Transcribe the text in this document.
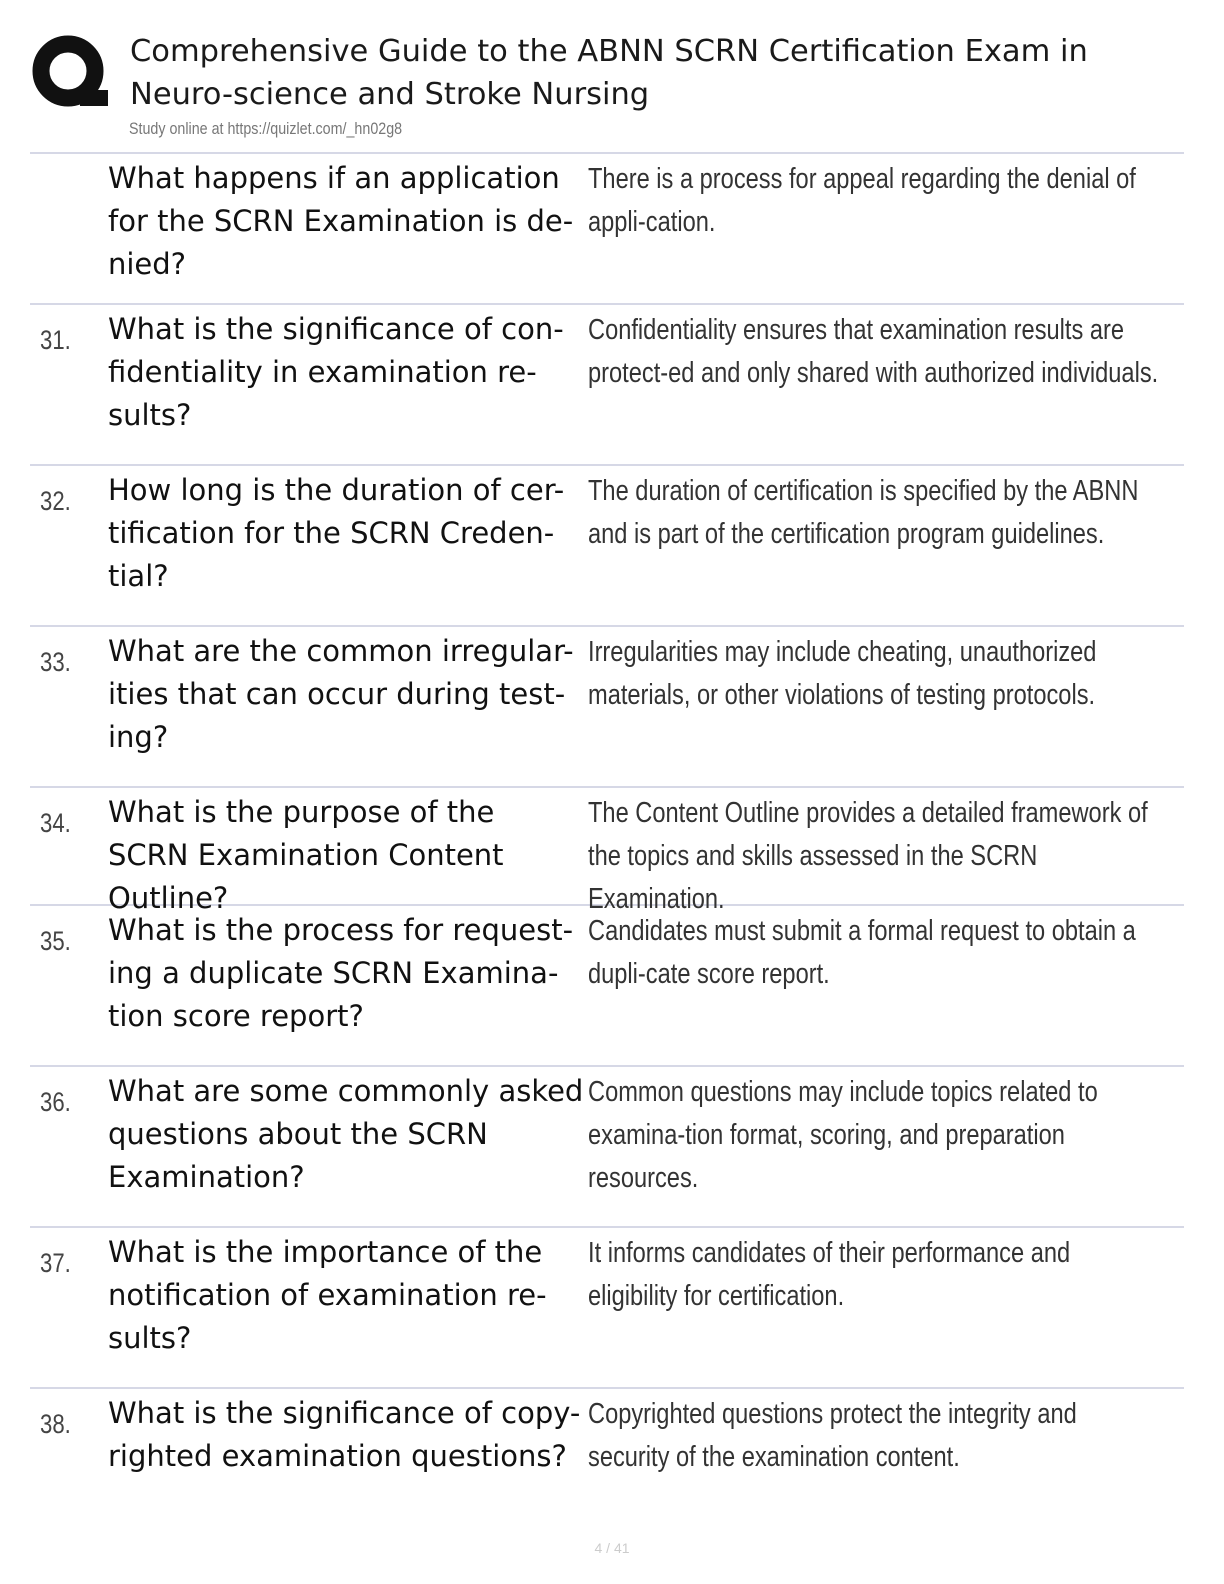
Comprehensive Guide to the ABNN SCRN Certification Exam in Neuro-science and Stroke Nursing
Study online at https://quizlet.com/_hn02g8
What happens if an application for the SCRN Examination is de-nied?
There is a process for appeal regarding the denial of appli-cation.
31. What is the significance of con-fidentiality in examination re-sults?
Confidentiality ensures that examination results are protect-ed and only shared with authorized individuals.
32. How long is the duration of cer-tification for the SCRN Creden-tial?
The duration of certification is specified by the ABNN and is part of the certification program guidelines.
33. What are the common irregular-ities that can occur during test-ing?
Irregularities may include cheating, unauthorized materials, or other violations of testing protocols.
34. What is the purpose of the SCRN Examination Content Outline?
The Content Outline provides a detailed framework of the topics and skills assessed in the SCRN Examination.
35. What is the process for request-ing a duplicate SCRN Examina-tion score report?
Candidates must submit a formal request to obtain a dupli-cate score report.
36. What are some commonly asked questions about the SCRN Examination?
Common questions may include topics related to examina-tion format, scoring, and preparation resources.
37. What is the importance of the notification of examination re-sults?
It informs candidates of their performance and eligibility for certification.
38. What is the significance of copy-righted examination questions?
Copyrighted questions protect the integrity and security of the examination content.
4 / 41
